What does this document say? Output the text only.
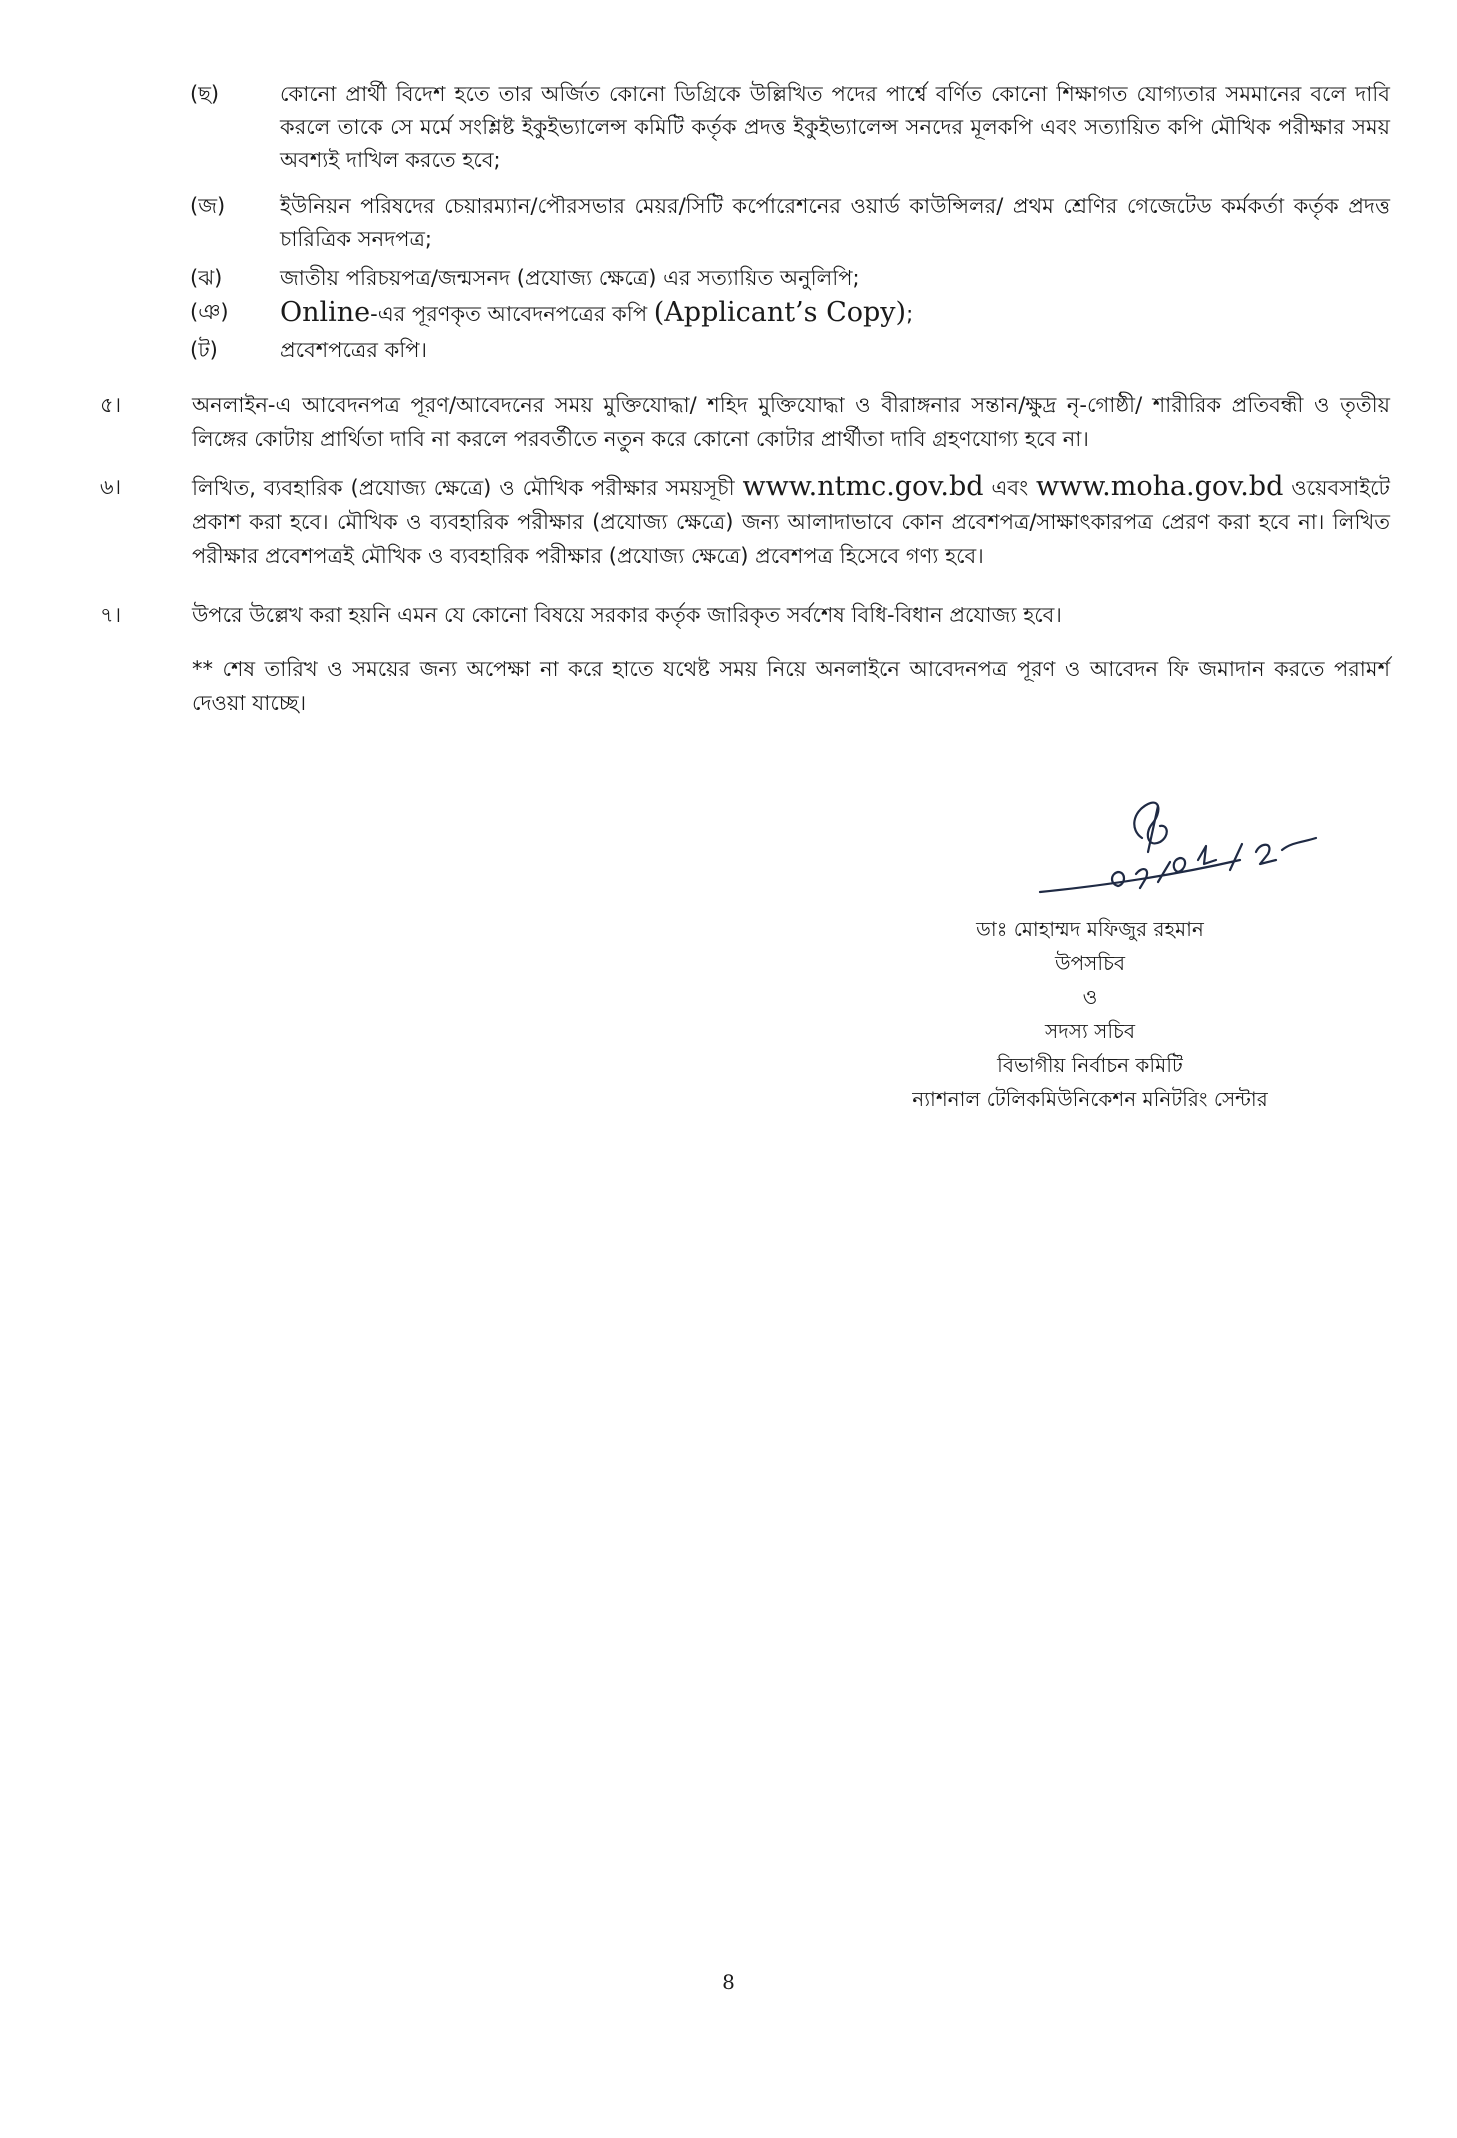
(ছ)	কোনো প্রার্থী বিদেশ হতে তার অর্জিত কোনো ডিগ্রিকে উল্লিখিত পদের পার্শ্বে বর্ণিত কোনো শিক্ষাগত যোগ্যতার সমমানের বলে দাবি করলে তাকে সে মর্মে সংশ্লিষ্ট ইকুইভ্যালেন্স কমিটি কর্তৃক প্রদত্ত ইকুইভ্যালেন্স সনদের মূলকপি এবং সত্যায়িত কপি মৌখিক পরীক্ষার সময় অবশ্যই দাখিল করতে হবে;
(জ)	ইউনিয়ন পরিষদের চেয়ারম্যান/পৌরসভার মেয়র/সিটি কর্পোরেশনের ওয়ার্ড কাউন্সিলর/ প্রথম শ্রেণির গেজেটেড কর্মকর্তা কর্তৃক প্রদত্ত চারিত্রিক সনদপত্র;
(ঝ)	জাতীয় পরিচয়পত্র/জন্মসনদ (প্রযোজ্য ক্ষেত্রে) এর সত্যায়িত অনুলিপি;
(ঞ)	Online-এর পূরণকৃত আবেদনপত্রের কপি (Applicant’s Copy);
(ট)	প্রবেশপত্রের কপি।
৫।	অনলাইন-এ আবেদনপত্র পূরণ/আবেদনের সময় মুক্তিযোদ্ধা/ শহিদ মুক্তিযোদ্ধা ও বীরাঙ্গনার সন্তান/ক্ষুদ্র নৃ-গোষ্ঠী/ শারীরিক প্রতিবন্ধী ও তৃতীয় লিঙ্গের কোটায় প্রার্থিতা দাবি না করলে পরবর্তীতে নতুন করে কোনো কোটার প্রার্থীতা দাবি গ্রহণযোগ্য হবে না।
৬।	লিখিত, ব্যবহারিক (প্রযোজ্য ক্ষেত্রে) ও মৌখিক পরীক্ষার সময়সূচী www.ntmc.gov.bd এবং www.moha.gov.bd ওয়েবসাইটে প্রকাশ করা হবে। মৌখিক ও ব্যবহারিক পরীক্ষার (প্রযোজ্য ক্ষেত্রে) জন্য আলাদাভাবে কোন প্রবেশপত্র/সাক্ষাৎকারপত্র প্রেরণ করা হবে না। লিখিত পরীক্ষার প্রবেশপত্রই মৌখিক ও ব্যবহারিক পরীক্ষার (প্রযোজ্য ক্ষেত্রে) প্রবেশপত্র হিসেবে গণ্য হবে।
৭।	উপরে উল্লেখ করা হয়নি এমন যে কোনো বিষয়ে সরকার কর্তৃক জারিকৃত সর্বশেষ বিধি-বিধান প্রযোজ্য হবে।
** শেষ তারিখ ও সময়ের জন্য অপেক্ষা না করে হাতে যথেষ্ট সময় নিয়ে অনলাইনে আবেদনপত্র পূরণ ও আবেদন ফি জমাদান করতে পরামর্শ দেওয়া যাচ্ছে।
ডাঃ মোহাম্মদ মফিজুর রহমান
উপসচিব
ও
সদস্য সচিব
বিভাগীয় নির্বাচন কমিটি
ন্যাশনাল টেলিকমিউনিকেশন মনিটরিং সেন্টার
8
